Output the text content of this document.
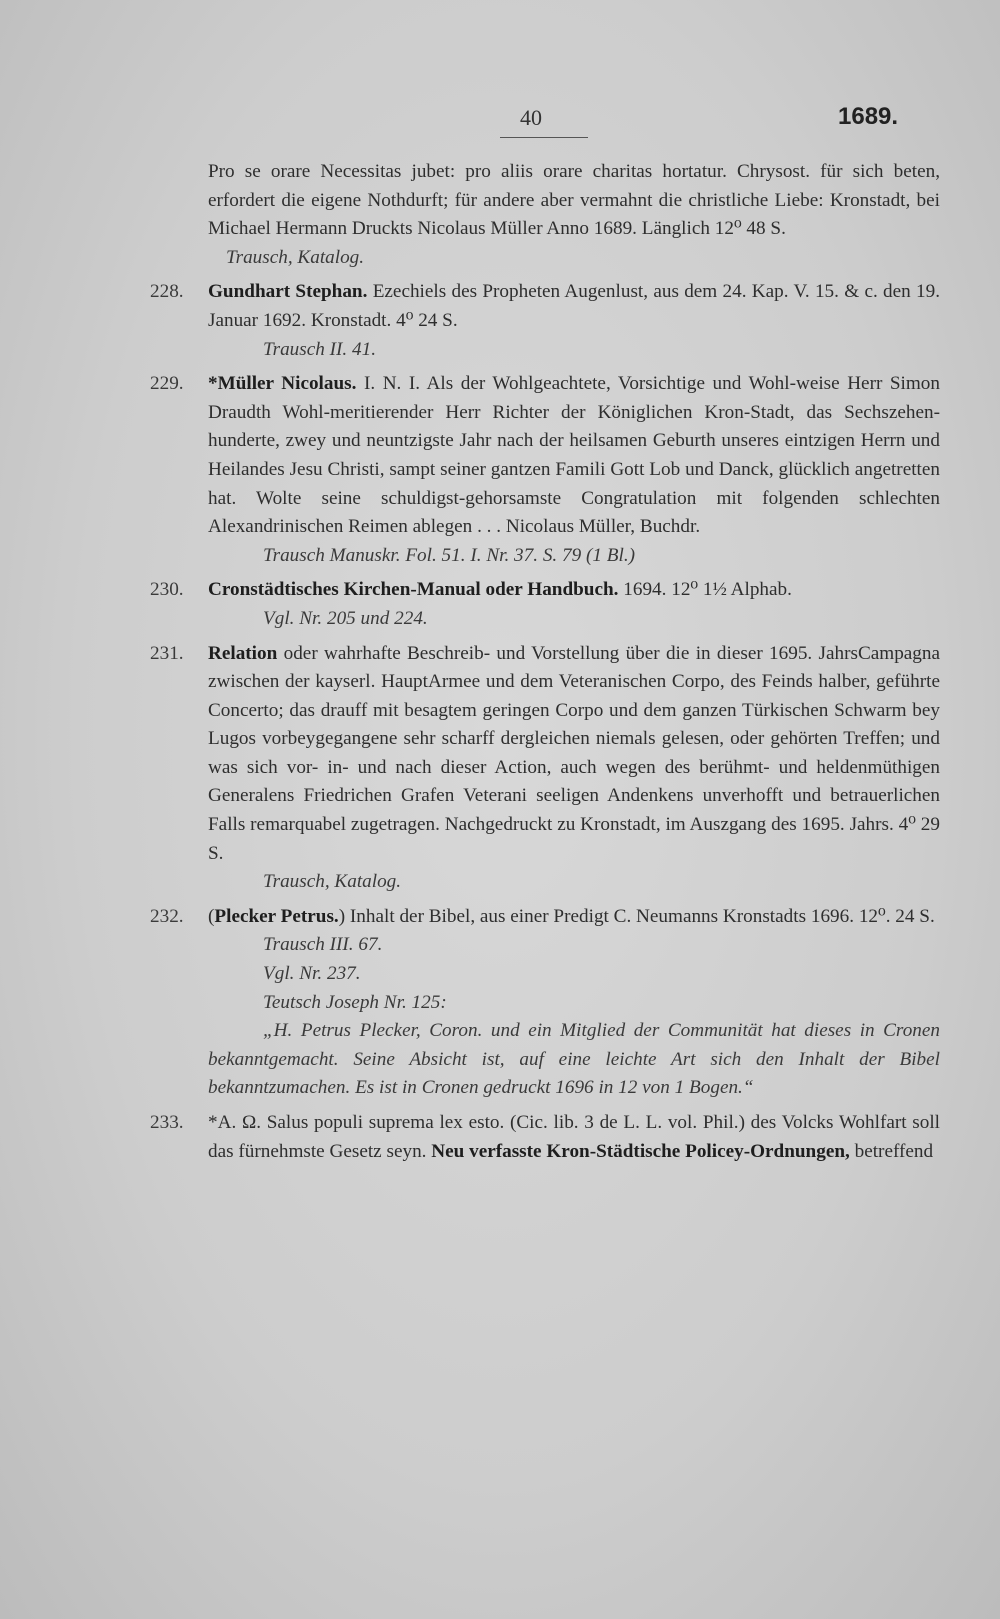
40	1689.

Pro se orare Necessitas jubet: pro aliis orare charitas hortatur. Chrysost. für sich beten, erfordert die eigene Nothdurft; für andere aber vermahnt die christliche Liebe: Kronstadt, bei Michael Hermann Druckts Nicolaus Müller Anno 1689. Länglich 12⁰ 48 S.

Trausch, Katalog.
228.	Gundhart Stephan. Ezechiels des Propheten Augenlust, aus dem 24. Kap. V. 15. & c. den 19. Januar 1692. Kronstadt. 4⁰ 24 S.

Trausch II. 41.
229.	*Müller Nicolaus. I. N. I. Als der Wohlgeachtete, Vorsichtige und Wohl-weise Herr Simon Draudth Wohl-meritierender Herr Richter der Königlichen Kron-Stadt, das Sechszehen-hunderte, zwey und neuntzigste Jahr nach der heilsamen Geburth unseres eintzigen Herrn und Heilandes Jesu Christi, sampt seiner gantzen Famili Gott Lob und Danck, glücklich angetretten hat. Wolte seine schuldigst-gehorsamste Congratulation mit folgenden schlechten Alexandrinischen Reimen ablegen . . . Nicolaus Müller, Buchdr.

Trausch Manuskr. Fol. 51. I. Nr. 37. S. 79 (1 Bl.)
230.	Cronstädtisches Kirchen-Manual oder Handbuch. 1694. 12⁰ 1½ Alphab.

Vgl. Nr. 205 und 224.
231.	Relation oder wahrhafte Beschreib- und Vorstellung über die in dieser 1695. JahrsCampagna zwischen der kayserl. HauptArmee und dem Veteranischen Corpo, des Feinds halber, geführte Concerto; das drauff mit besagtem geringen Corpo und dem ganzen Türkischen Schwarm bey Lugos vorbeygegangene sehr scharff dergleichen niemals gelesen, oder gehörten Treffen; und was sich vor- in- und nach dieser Action, auch wegen des berühmt- und heldenmüthigen Generalens Friedrichen Grafen Veterani seeligen Andenkens unverhofft und betrauerlichen Falls remarquabel zugetragen. Nachgedruckt zu Kronstadt, im Auszgang des 1695. Jahrs. 4⁰ 29 S.

Trausch, Katalog.
232.	(Plecker Petrus.) Inhalt der Bibel, aus einer Predigt C. Neumanns Kronstadts 1696. 12⁰. 24 S.

Trausch III. 67.
Vgl. Nr. 237.
Teutsch Joseph Nr. 125:
„H. Petrus Plecker, Coron. und ein Mitglied der Communität hat dieses in Cronen bekanntgemacht. Seine Absicht ist, auf eine leichte Art sich den Inhalt der Bibel bekanntzumachen. Es ist in Cronen gedruckt 1696 in 12 von 1 Bogen.“
233.	*A. Ω. Salus populi suprema lex esto. (Cic. lib. 3 de L. L. vol. Phil.) des Volcks Wohlfart soll das fürnehmste Gesetz seyn. Neu verfasste Kron-Städtische Policey-Ordnungen, betreffend
